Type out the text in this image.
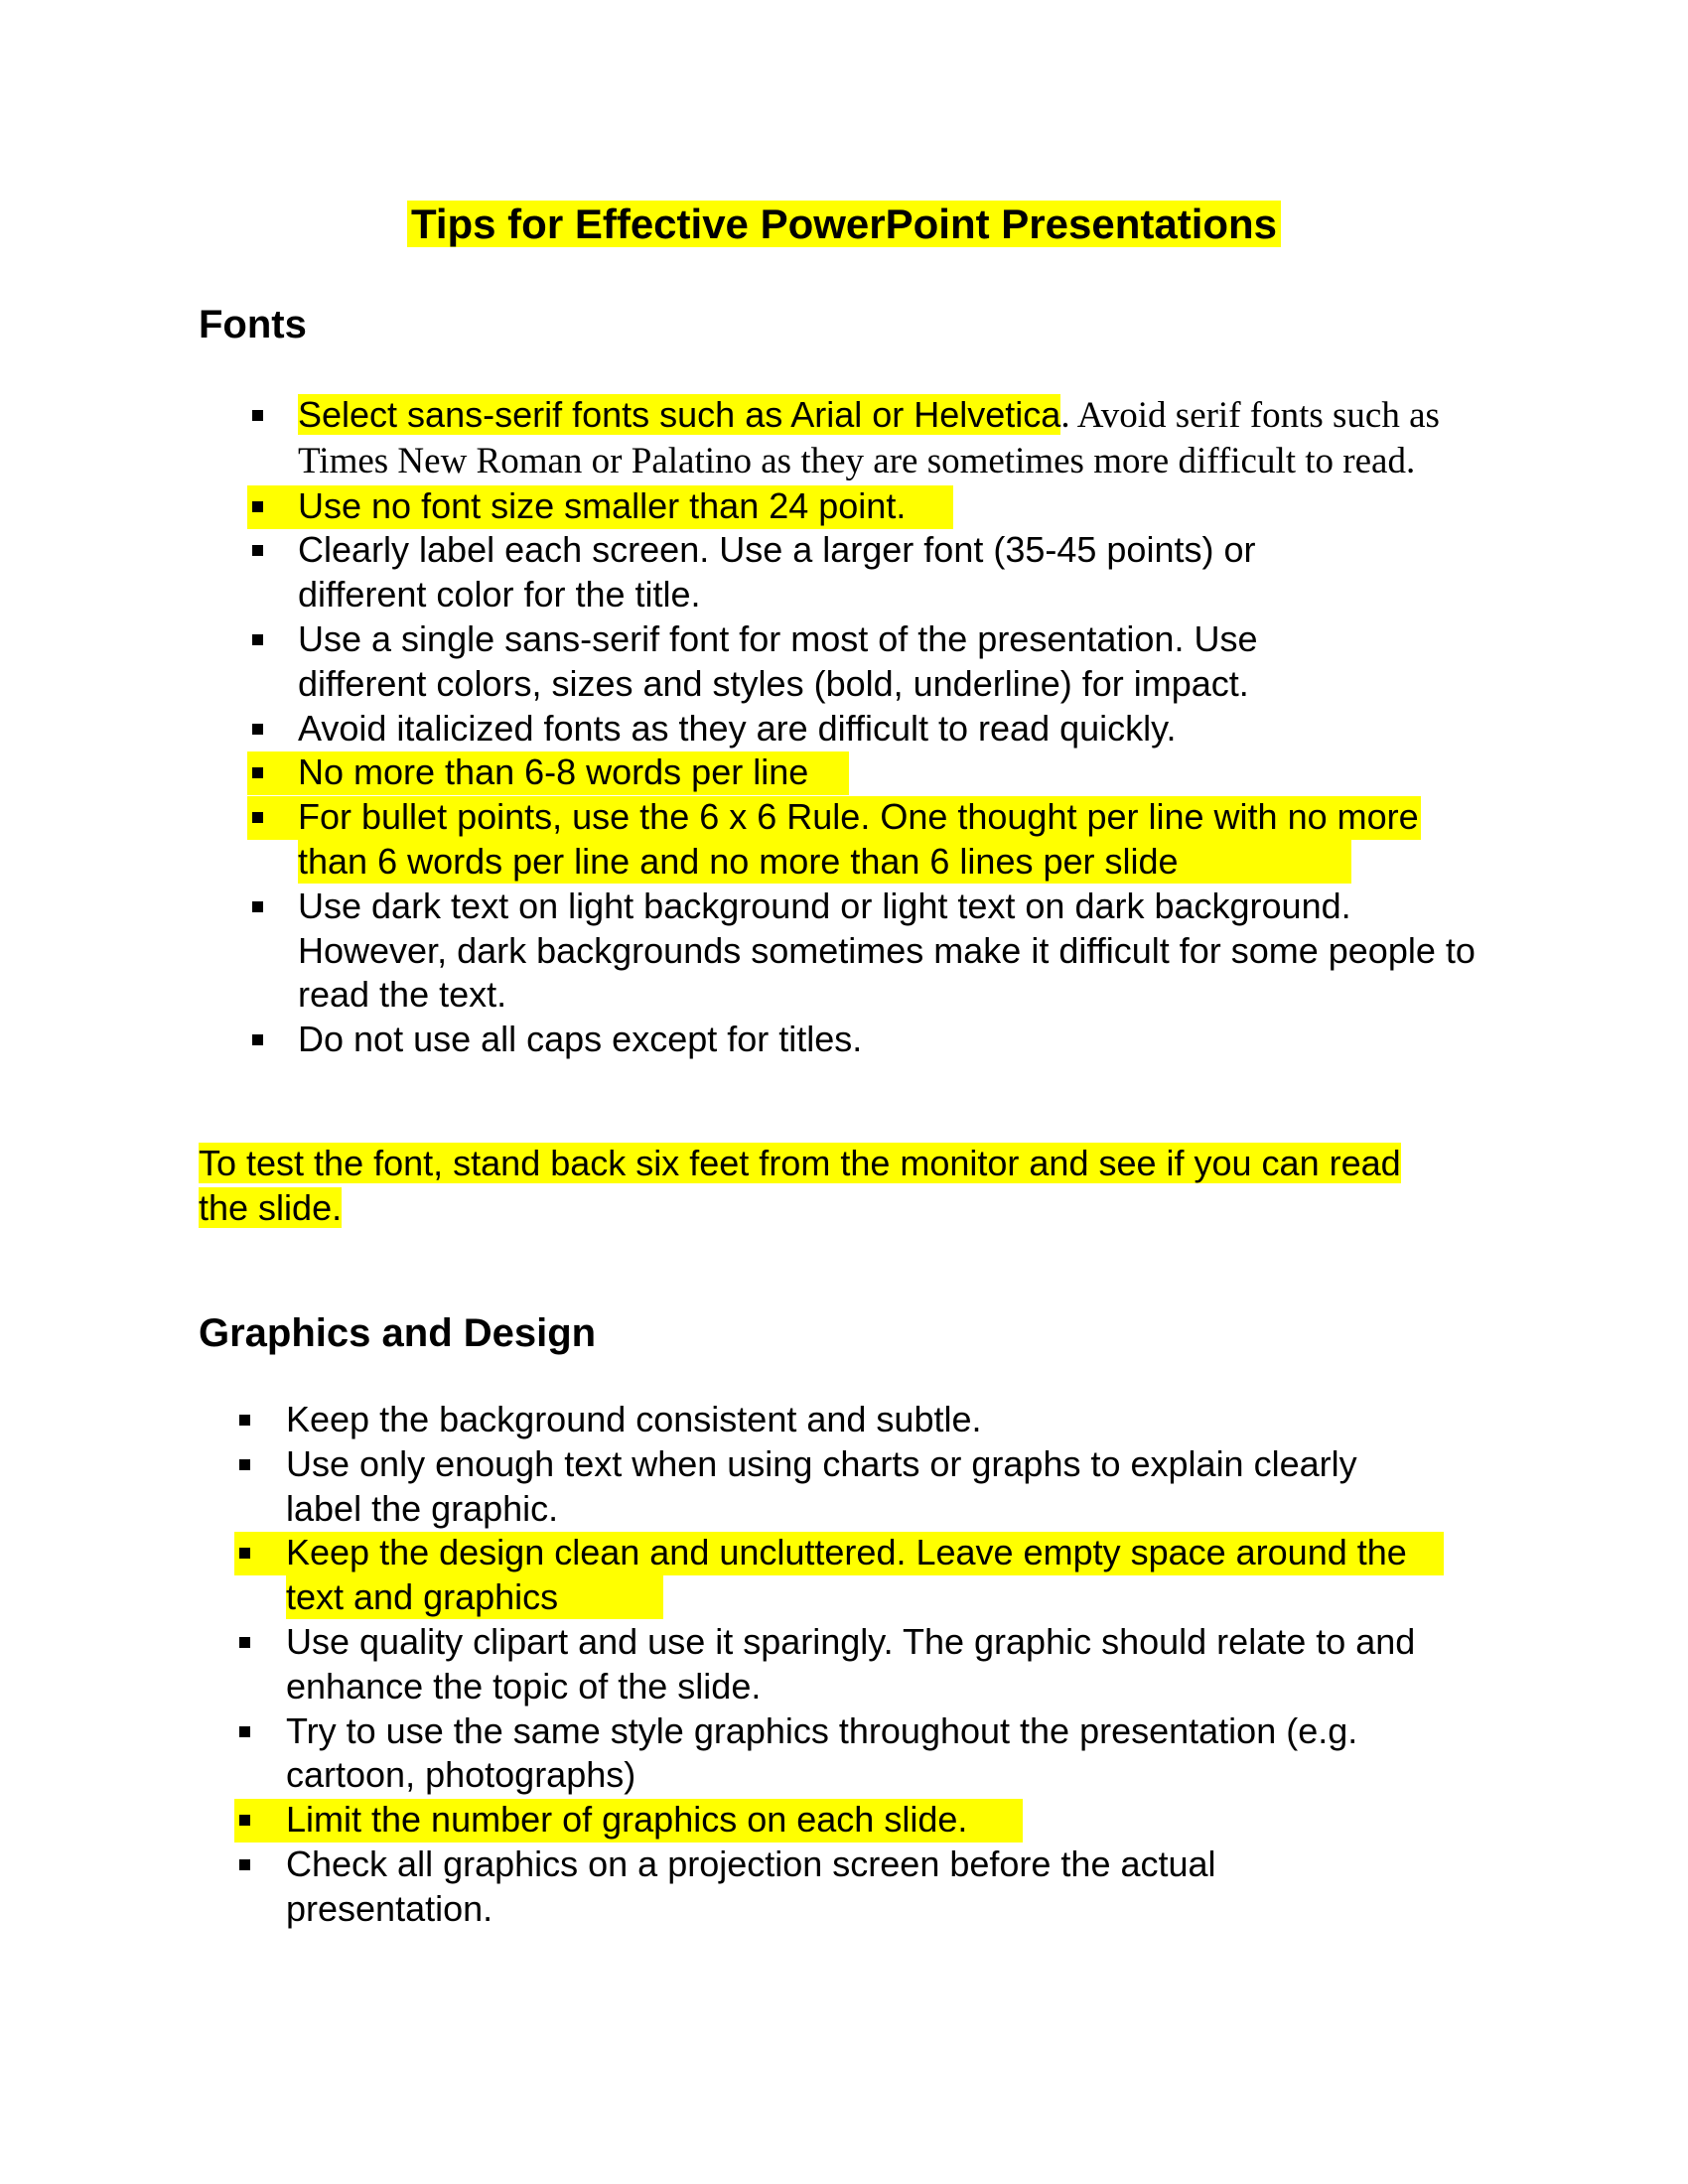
Tips for Effective PowerPoint Presentations
Fonts
Select sans-serif fonts such as Arial or Helvetica. Avoid serif fonts such as Times New Roman or Palatino as they are sometimes more difficult to read.
Use no font size smaller than 24 point.
Clearly label each screen. Use a larger font (35-45 points) or different color for the title.
Use a single sans-serif font for most of the presentation. Use different colors, sizes and styles (bold, underline) for impact.
Avoid italicized fonts as they are difficult to read quickly.
No more than 6-8 words per line
For bullet points, use the 6 x 6 Rule. One thought per line with no more than 6 words per line and no more than 6 lines per slide
Use dark text on light background or light text on dark background. However, dark backgrounds sometimes make it difficult for some people to read the text.
Do not use all caps except for titles.
To test the font, stand back six feet from the monitor and see if you can read the slide.
Graphics and Design
Keep the background consistent and subtle.
Use only enough text when using charts or graphs to explain clearly label the graphic.
Keep the design clean and uncluttered. Leave empty space around the text and graphics
Use quality clipart and use it sparingly. The graphic should relate to and enhance the topic of the slide.
Try to use the same style graphics throughout the presentation (e.g. cartoon, photographs)
Limit the number of graphics on each slide.
Check all graphics on a projection screen before the actual presentation.
